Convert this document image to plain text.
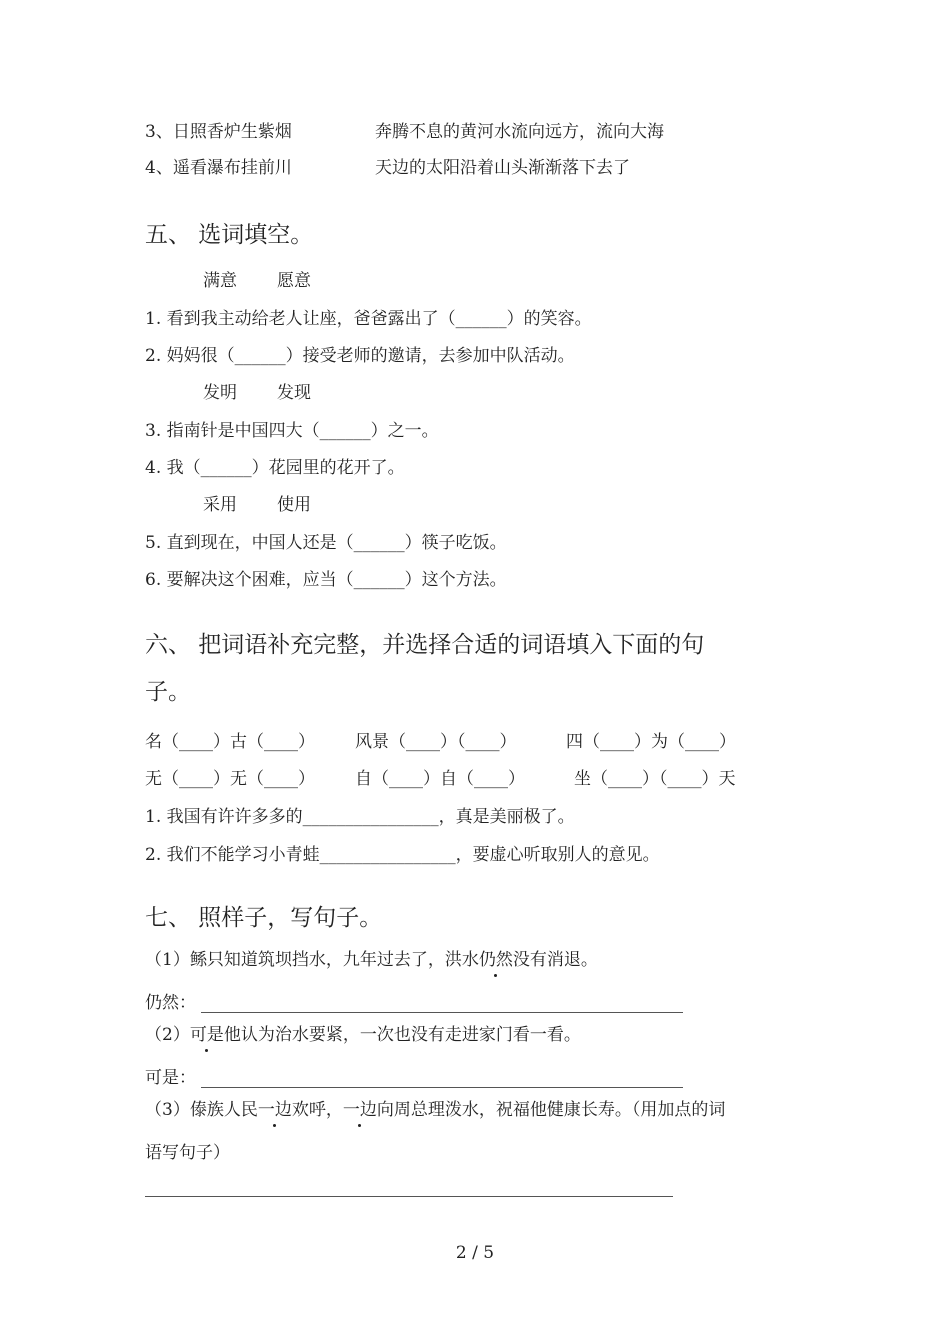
3、日照香炉生紫烟	奔腾不息的黄河水流向远方，流向大海
4、遥看瀑布挂前川	天边的太阳沿着山头渐渐落下去了
五、 选词填空。
满意 愿意
1. 看到我主动给老人让座，爸爸露出了（______）的笑容。
2. 妈妈很（______）接受老师的邀请，去参加中队活动。
发明 发现
3. 指南针是中国四大（______）之一。
4. 我（______）花园里的花开了。
采用 使用
5. 直到现在，中国人还是（______）筷子吃饭。
6. 要解决这个困难，应当（______）这个方法。
六、 把词语补充完整，并选择合适的词语填入下面的句
子。
名（____）古（____） 风景（____）（____）	四（____）为（____）
无（____）无（____） 自（____）自（____）	坐（____）（____）天
1. 我国有许许多多的________________，真是美丽极了。
2. 我们不能学习小青蛙________________，要虚心听取别人的意见。
七、 照样子，写句子。
（1）鲧只知道筑坝挡水，九年过去了，洪水仍然没有消退。
仍然：
（2）可是他认为治水要紧，一次也没有走进家门看一看。
可是：
（3）傣族人民一边欢呼，一边向周总理泼水，祝福他健康长寿。（用加点的词
语写句子）
2 / 5
